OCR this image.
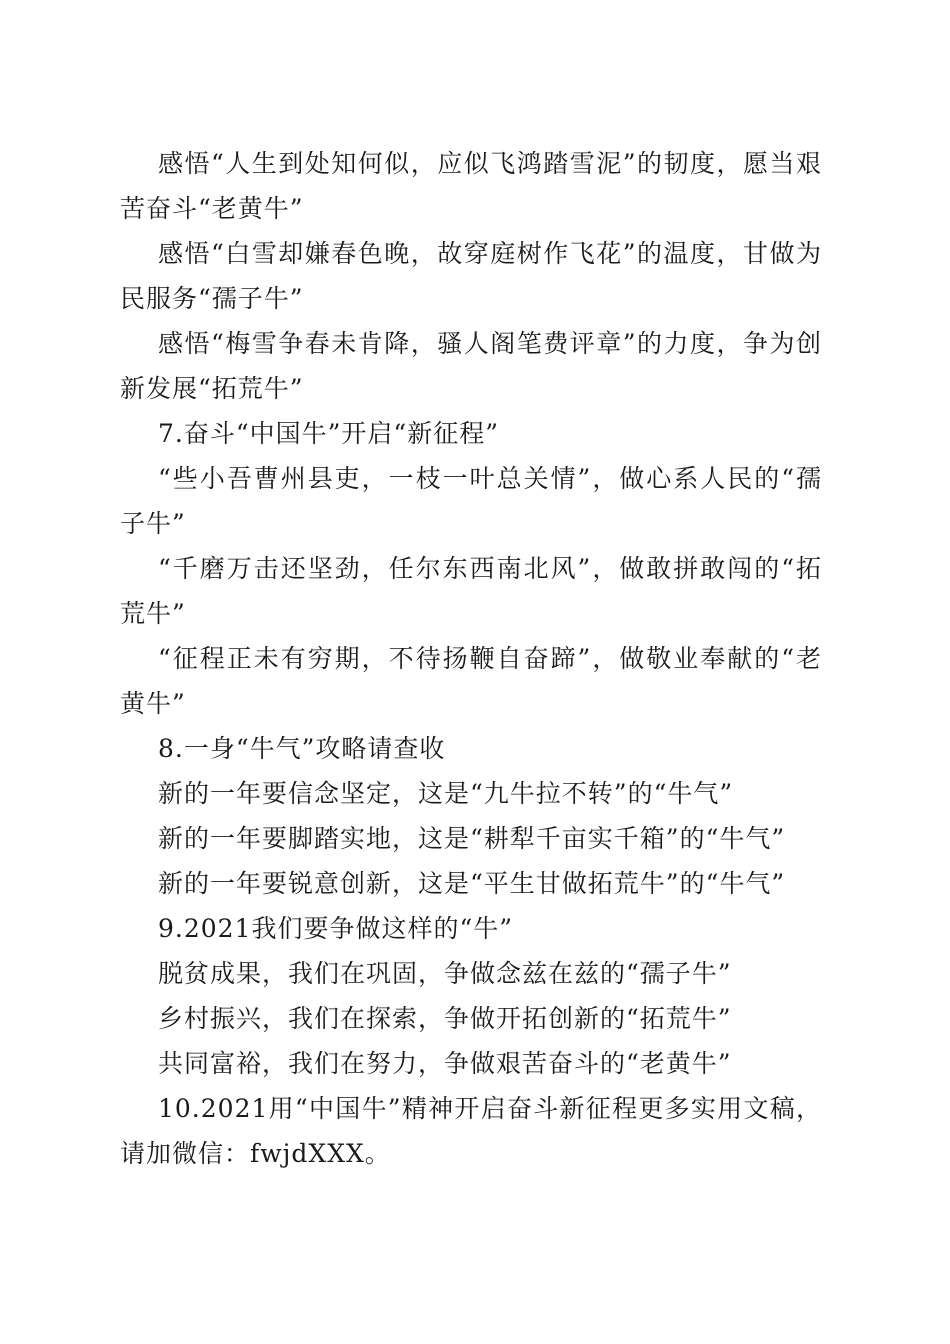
感悟“人生到处知何似，应似飞鸿踏雪泥”的韧度，愿当艰苦奋斗“老黄牛”

感悟“白雪却嫌春色晚，故穿庭树作飞花”的温度，甘做为民服务“孺子牛”

感悟“梅雪争春未肯降，骚人阁笔费评章”的力度，争为创新发展“拓荒牛”

7.奋斗“中国牛”开启“新征程”

“些小吾曹州县吏，一枝一叶总关情”，做心系人民的“孺子牛”

“千磨万击还坚劲，任尔东西南北风”，做敢拼敢闯的“拓荒牛”

“征程正未有穷期，不待扬鞭自奋蹄”，做敬业奉献的“老黄牛”

8.一身“牛气”攻略请查收

新的一年要信念坚定，这是“九牛拉不转”的“牛气”

新的一年要脚踏实地，这是“耕犁千亩实千箱”的“牛气”

新的一年要锐意创新，这是“平生甘做拓荒牛”的“牛气”

9.2021我们要争做这样的“牛”

脱贫成果，我们在巩固，争做念兹在兹的“孺子牛”

乡村振兴，我们在探索，争做开拓创新的“拓荒牛”

共同富裕，我们在努力，争做艰苦奋斗的“老黄牛”

10.2021用“中国牛”精神开启奋斗新征程更多实用文稿，请加微信：fwjdXXX。
